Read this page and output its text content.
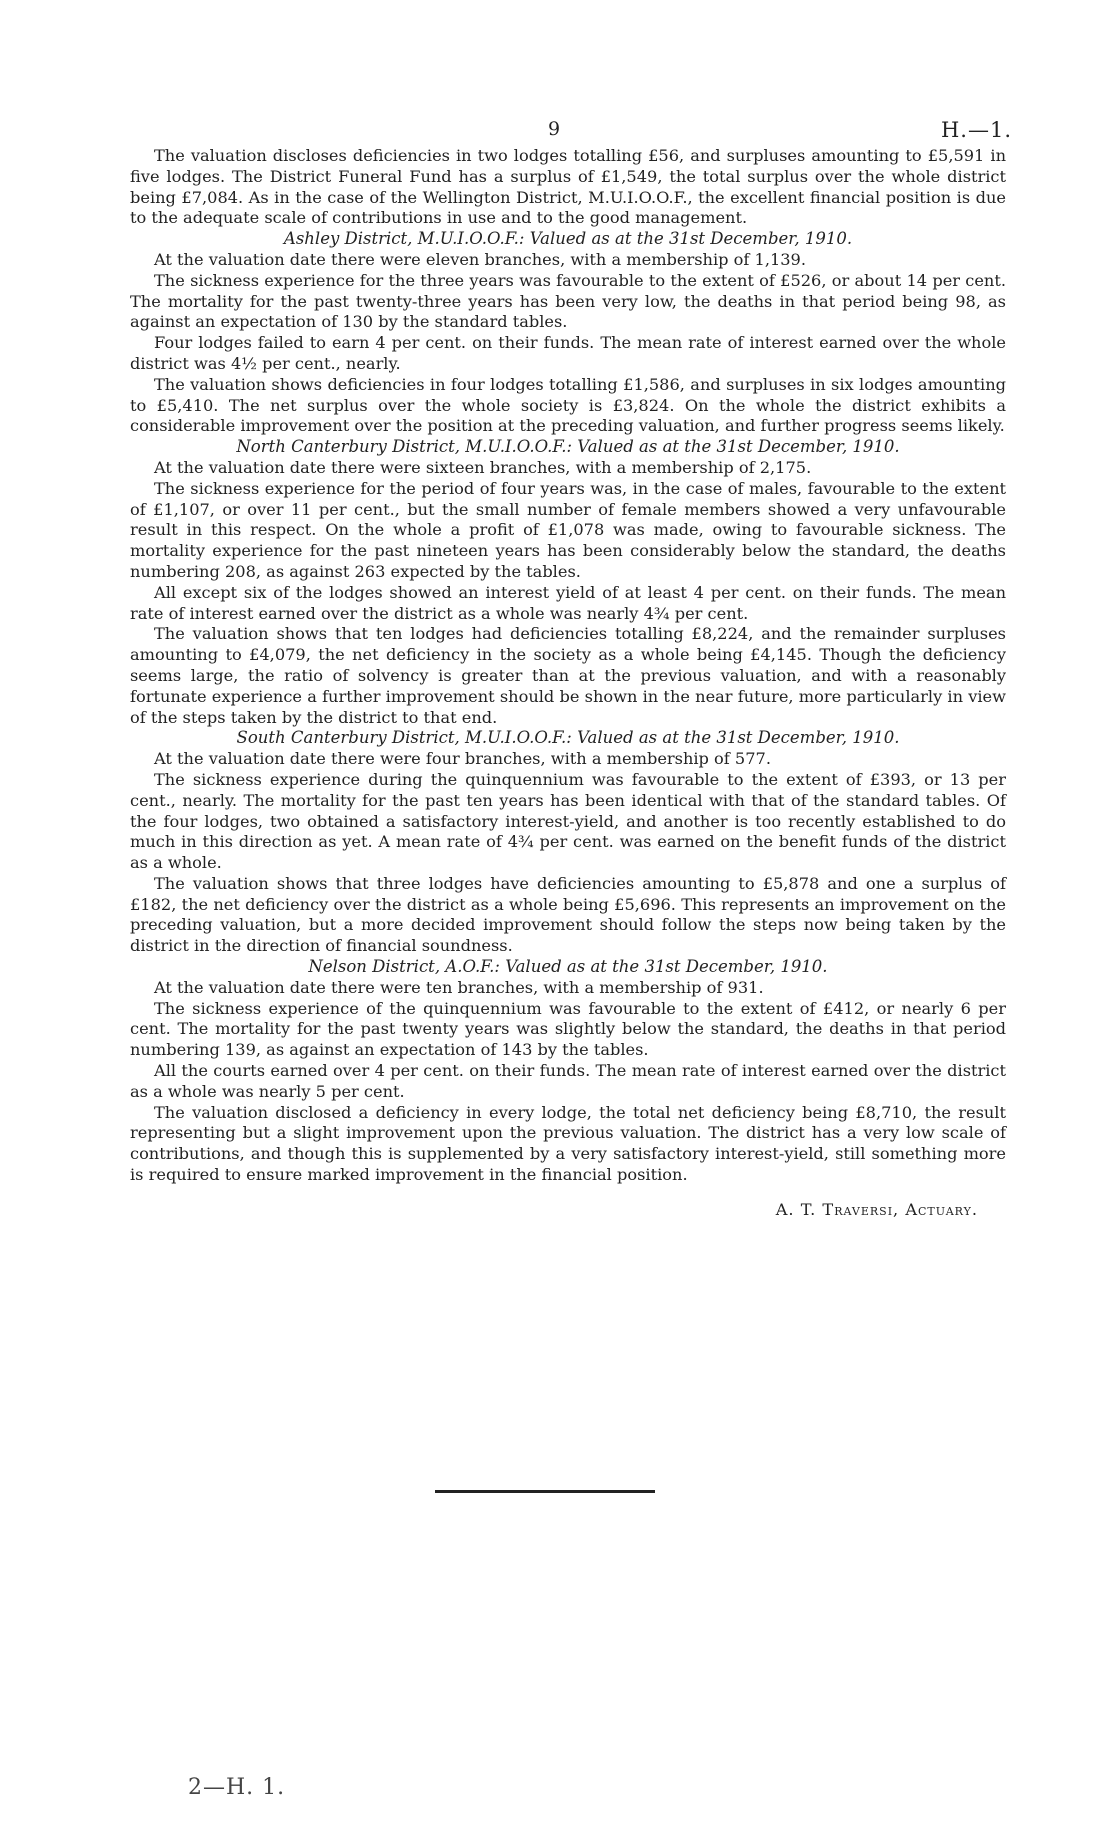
9	H.—1.

The valuation discloses deficiencies in two lodges totalling £56, and surpluses amounting to £5,591 in five lodges. The District Funeral Fund has a surplus of £1,549, the total surplus over the whole district being £7,084. As in the case of the Wellington District, M.U.I.O.O.F., the excellent financial position is due to the adequate scale of contributions in use and to the good management.

Ashley District, M.U.I.O.O.F.: Valued as at the 31st December, 1910.

At the valuation date there were eleven branches, with a membership of 1,139.

The sickness experience for the three years was favourable to the extent of £526, or about 14 per cent. The mortality for the past twenty-three years has been very low, the deaths in that period being 98, as against an expectation of 130 by the standard tables.

Four lodges failed to earn 4 per cent. on their funds. The mean rate of interest earned over the whole district was 4½ per cent., nearly.

The valuation shows deficiencies in four lodges totalling £1,586, and surpluses in six lodges amounting to £5,410. The net surplus over the whole society is £3,824. On the whole the district exhibits a considerable improvement over the position at the preceding valuation, and further progress seems likely.

North Canterbury District, M.U.I.O.O.F.: Valued as at the 31st December, 1910.

At the valuation date there were sixteen branches, with a membership of 2,175.

The sickness experience for the period of four years was, in the case of males, favourable to the extent of £1,107, or over 11 per cent., but the small number of female members showed a very unfavourable result in this respect. On the whole a profit of £1,078 was made, owing to favourable sickness. The mortality experience for the past nineteen years has been considerably below the standard, the deaths numbering 208, as against 263 expected by the tables.

All except six of the lodges showed an interest yield of at least 4 per cent. on their funds. The mean rate of interest earned over the district as a whole was nearly 4¾ per cent.

The valuation shows that ten lodges had deficiencies totalling £8,224, and the remainder surpluses amounting to £4,079, the net deficiency in the society as a whole being £4,145. Though the deficiency seems large, the ratio of solvency is greater than at the previous valuation, and with a reasonably fortunate experience a further improvement should be shown in the near future, more particularly in view of the steps taken by the district to that end.

South Canterbury District, M.U.I.O.O.F.: Valued as at the 31st December, 1910.

At the valuation date there were four branches, with a membership of 577.

The sickness experience during the quinquennium was favourable to the extent of £393, or 13 per cent., nearly. The mortality for the past ten years has been identical with that of the standard tables. Of the four lodges, two obtained a satisfactory interest-yield, and another is too recently established to do much in this direction as yet. A mean rate of 4¾ per cent. was earned on the benefit funds of the district as a whole.

The valuation shows that three lodges have deficiencies amounting to £5,878 and one a surplus of £182, the net deficiency over the district as a whole being £5,696. This represents an improvement on the preceding valuation, but a more decided improvement should follow the steps now being taken by the district in the direction of financial soundness.

Nelson District, A.O.F.: Valued as at the 31st December, 1910.

At the valuation date there were ten branches, with a membership of 931.

The sickness experience of the quinquennium was favourable to the extent of £412, or nearly 6 per cent. The mortality for the past twenty years was slightly below the standard, the deaths in that period numbering 139, as against an expectation of 143 by the tables.

All the courts earned over 4 per cent. on their funds. The mean rate of interest earned over the district as a whole was nearly 5 per cent.

The valuation disclosed a deficiency in every lodge, the total net deficiency being £8,710, the result representing but a slight improvement upon the previous valuation. The district has a very low scale of contributions, and though this is supplemented by a very satisfactory interest-yield, still something more is required to ensure marked improvement in the financial position.

A. T. Traversi, Actuary.
2—H. 1.
